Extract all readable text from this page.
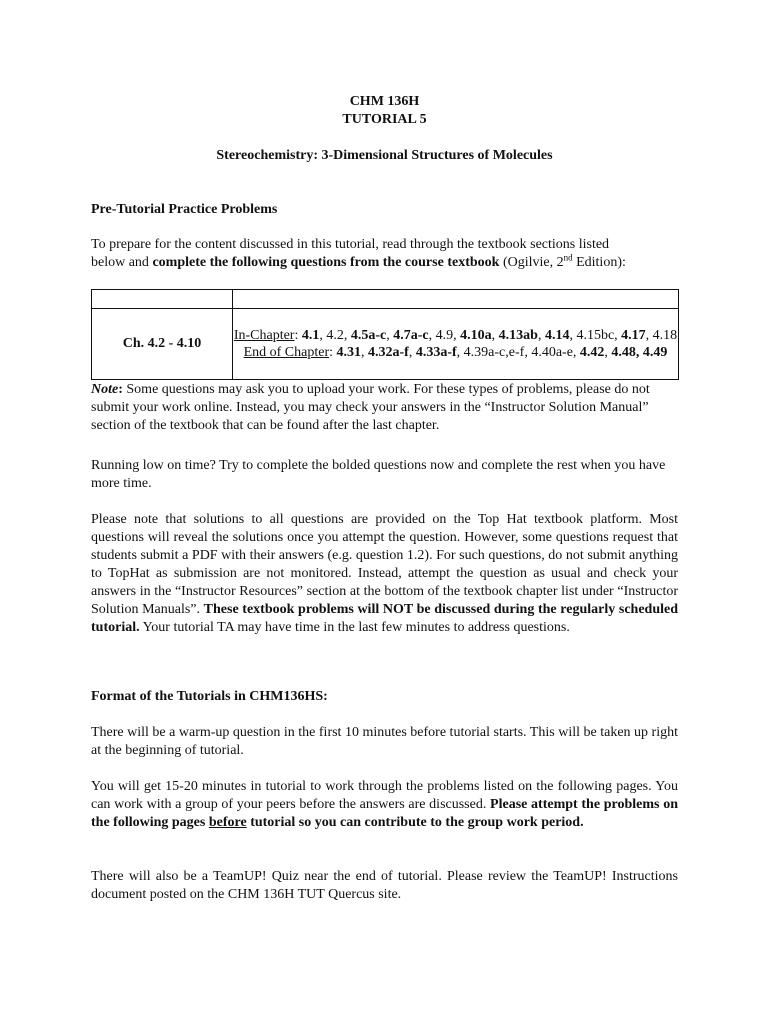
CHM 136H
TUTORIAL 5
Stereochemistry: 3-Dimensional Structures of Molecules
Pre-Tutorial Practice Problems
To prepare for the content discussed in this tutorial, read through the textbook sections listed
below and complete the following questions from the course textbook (Ogilvie, 2nd Edition):

Ch. 4.2 - 4.10	In-Chapter: 4.1, 4.2, 4.5a-c, 4.7a-c, 4.9, 4.10a, 4.13ab, 4.14, 4.15bc, 4.17, 4.18
End of Chapter: 4.31, 4.32a-f, 4.33a-f, 4.39a-c,e-f, 4.40a-e, 4.42, 4.48, 4.49
Note: Some questions may ask you to upload your work. For these types of problems, please do not submit your work online. Instead, you may check your answers in the “Instructor Solution Manual” section of the textbook that can be found after the last chapter.
Running low on time? Try to complete the bolded questions now and complete the rest when you have more time.
Please note that solutions to all questions are provided on the Top Hat textbook platform. Most questions will reveal the solutions once you attempt the question. However, some questions request that students submit a PDF with their answers (e.g. question 1.2). For such questions, do not submit anything to TopHat as submission are not monitored. Instead, attempt the question as usual and check your answers in the “Instructor Resources” section at the bottom of the textbook chapter list under “Instructor Solution Manuals”. These textbook problems will NOT be discussed during the regularly scheduled tutorial. Your tutorial TA may have time in the last few minutes to address questions.
Format of the Tutorials in CHM136HS:
There will be a warm-up question in the first 10 minutes before tutorial starts. This will be taken up right at the beginning of tutorial.
You will get 15-20 minutes in tutorial to work through the problems listed on the following pages. You can work with a group of your peers before the answers are discussed. Please attempt the problems on the following pages before tutorial so you can contribute to the group work period.
There will also be a TeamUP! Quiz near the end of tutorial. Please review the TeamUP! Instructions document posted on the CHM 136H TUT Quercus site.
